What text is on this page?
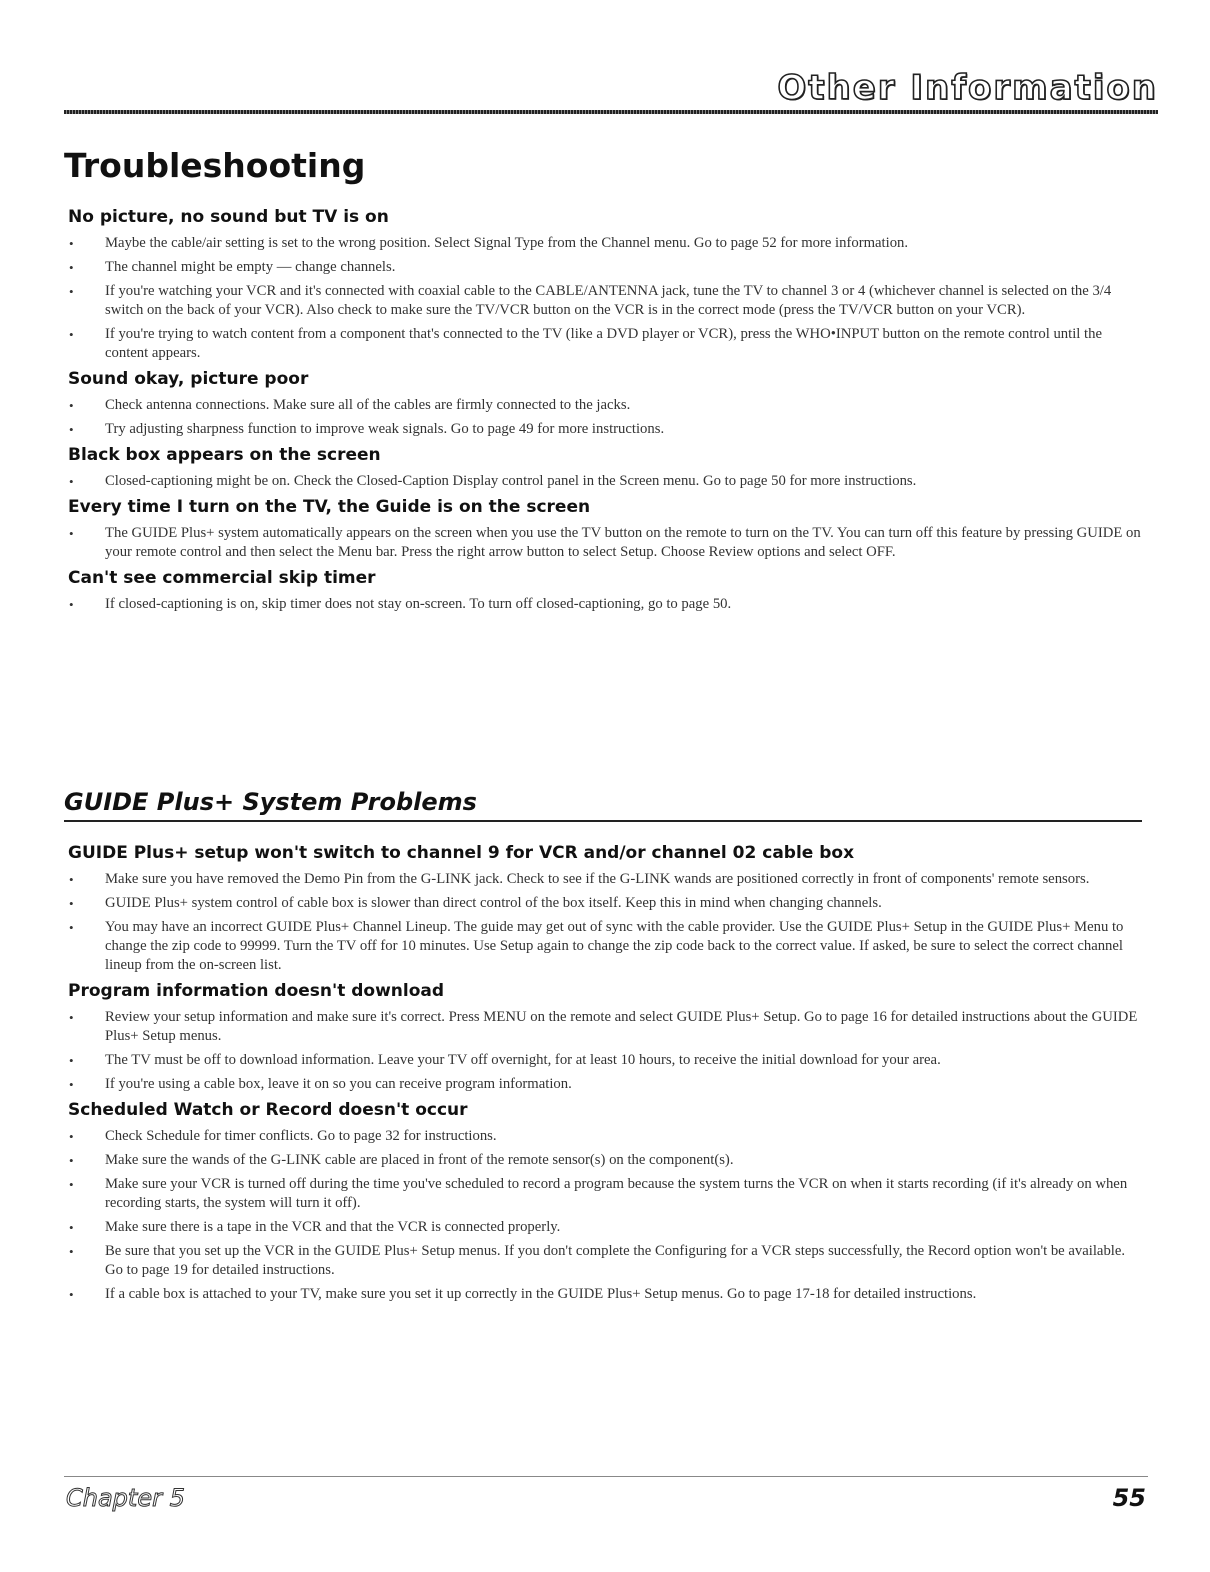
Other Information
Troubleshooting
No picture, no sound but TV is on
• Maybe the cable/air setting is set to the wrong position. Select Signal Type from the Channel menu. Go to page 52 for more information.
• The channel might be empty — change channels.
• If you're watching your VCR and it's connected with coaxial cable to the CABLE/ANTENNA jack, tune the TV to channel 3 or 4 (whichever channel is selected on the 3/4 switch on the back of your VCR). Also check to make sure the TV/VCR button on the VCR is in the correct mode (press the TV/VCR button on your VCR).
• If you're trying to watch content from a component that's connected to the TV (like a DVD player or VCR), press the WHO•INPUT button on the remote control until the content appears.
Sound okay, picture poor
• Check antenna connections. Make sure all of the cables are firmly connected to the jacks.
• Try adjusting sharpness function to improve weak signals. Go to page 49 for more instructions.
Black box appears on the screen
• Closed-captioning might be on. Check the Closed-Caption Display control panel in the Screen menu. Go to page 50 for more instructions.
Every time I turn on the TV, the Guide is on the screen
• The GUIDE Plus+ system automatically appears on the screen when you use the TV button on the remote to turn on the TV. You can turn off this feature by pressing GUIDE on your remote control and then select the Menu bar. Press the right arrow button to select Setup. Choose Review options and select OFF.
Can't see commercial skip timer
• If closed-captioning is on, skip timer does not stay on-screen. To turn off closed-captioning, go to page 50.
GUIDE Plus+ System Problems
GUIDE Plus+ setup won't switch to channel 9 for VCR and/or channel 02 cable box
• Make sure you have removed the Demo Pin from the G-LINK jack. Check to see if the G-LINK wands are positioned correctly in front of components' remote sensors.
• GUIDE Plus+ system control of cable box is slower than direct control of the box itself. Keep this in mind when changing channels.
• You may have an incorrect GUIDE Plus+ Channel Lineup. The guide may get out of sync with the cable provider. Use the GUIDE Plus+ Setup in the GUIDE Plus+ Menu to change the zip code to 99999. Turn the TV off for 10 minutes. Use Setup again to change the zip code back to the correct value. If asked, be sure to select the correct channel lineup from the on-screen list.
Program information doesn't download
• Review your setup information and make sure it's correct. Press MENU on the remote and select GUIDE Plus+ Setup. Go to page 16 for detailed instructions about the GUIDE Plus+ Setup menus.
• The TV must be off to download information. Leave your TV off overnight, for at least 10 hours, to receive the initial download for your area.
• If you're using a cable box, leave it on so you can receive program information.
Scheduled Watch or Record doesn't occur
• Check Schedule for timer conflicts. Go to page 32 for instructions.
• Make sure the wands of the G-LINK cable are placed in front of the remote sensor(s) on the component(s).
• Make sure your VCR is turned off during the time you've scheduled to record a program because the system turns the VCR on when it starts recording (if it's already on when recording starts, the system will turn it off).
• Make sure there is a tape in the VCR and that the VCR is connected properly.
• Be sure that you set up the VCR in the GUIDE Plus+ Setup menus. If you don't complete the Configuring for a VCR steps successfully, the Record option won't be available. Go to page 19 for detailed instructions.
• If a cable box is attached to your TV, make sure you set it up correctly in the GUIDE Plus+ Setup menus. Go to page 17-18 for detailed instructions.
Chapter 5	55
